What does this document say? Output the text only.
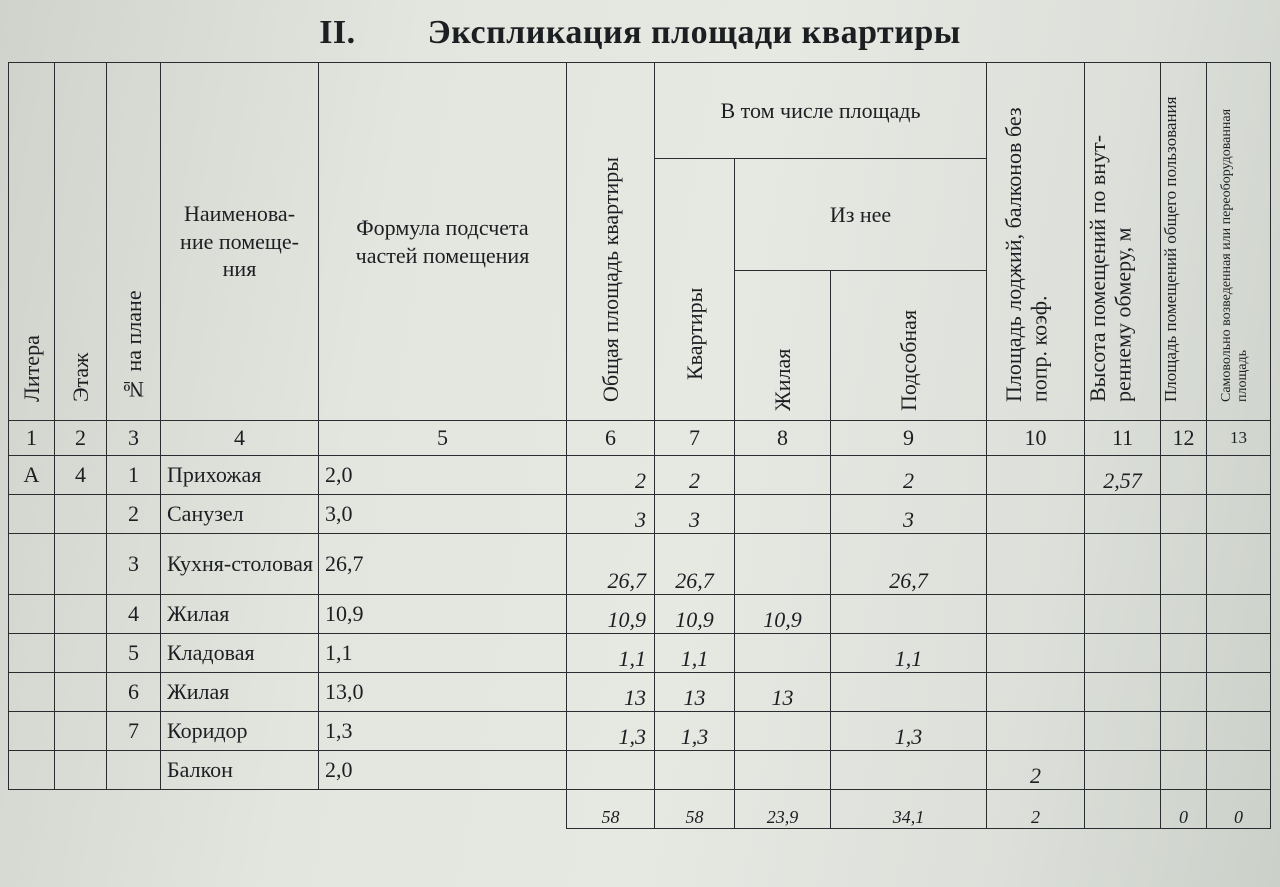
II. Экспликация площади квартиры
Литера	Этаж	№ на плане	Наименова-ние помеще-ния	Формула подсчета частей помещения	Общая площадь квартиры	В том числе площадь			Площадь лоджий, балконов без попр. коэф.	Высота помещений по внут-реннему обмеру, м	Площадь помещений общего пользования	Самовольно возведенная или переоборудованная площадь

						Квартиры	Из нее						

							Жилая	Подсобная					

1	2	3	4	5	6	7	8	9	10	11	12	13	
А	4	1	Прихожая	2,0	2	2		2		2,57			
		2	Санузел	3,0	3	3		3					
		3	Кухня-столовая	26,7	26,7	26,7		26,7					
		4	Жилая	10,9	10,9	10,9	10,9						
		5	Кладовая	1,1	1,1	1,1		1,1					
		6	Жилая	13,0	13	13	13						
		7	Коридор	1,3	1,3	1,3		1,3					
			Балкон	2,0					2				
					58	58	23,9	34,1	2		0	0	
